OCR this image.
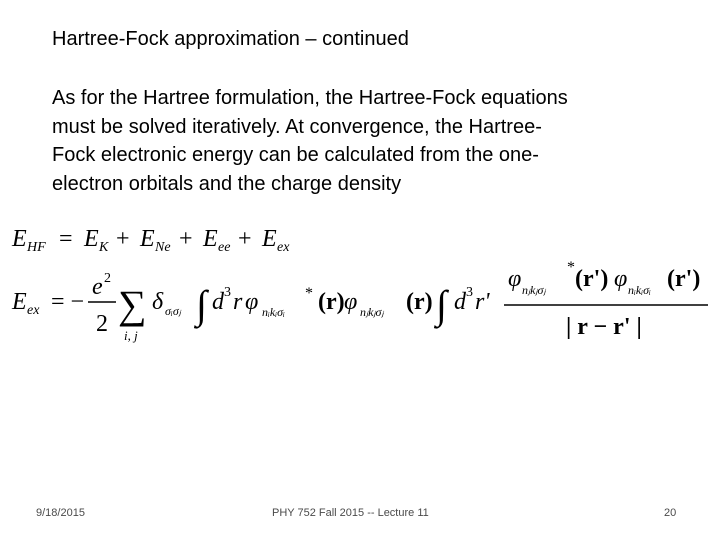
Hartree-Fock approximation – continued
As for the Hartree formulation, the Hartree-Fock equations
must be solved iteratively. At convergence, the Hartree-
Fock electronic energy can be calculated from the one-
electron orbitals and the charge density
E HF = E K + E Ne + E ee + E ex
E ex = −
e 2
2 ∑
i, j
δ σᵢσⱼ ∫ d 3 r φ nᵢkᵢσᵢ
* (r) φ nⱼkⱼσⱼ (r) ∫ d 3 r'
φ nⱼkⱼσⱼ
* (r') φ nᵢkᵢσᵢ (r')
| r − r' |
9/18/2015	PHY 752 Fall 2015 -- Lecture 11	20
